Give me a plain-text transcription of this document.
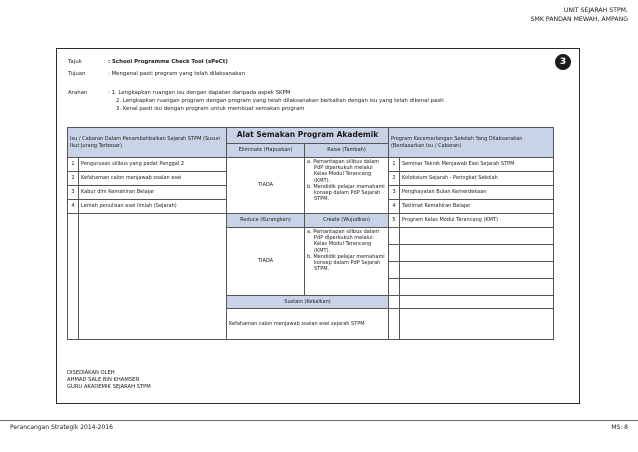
UNIT SEJARAH STPM,
SMK PANDAN MEWAH, AMPANG
3
Tajuk	: School Programme Check Tool (sPeCt)
Tujuan	: Mengenal pasti program yang telah dilaksanakan
Arahan	: 1. Lengkapkan ruangan isu dengan dapatan daripada aspek SKPM
2. Lengkapkan ruangan program dengan program yang telah dilaksanakan berkaitan dengan isu yang telah dikenal pasti
3. Kenal pasti isu dengan program untuk membuat semakan program
Isu / Cabaran Dalam Penambahbaikan Sejarah STPM (Susun Ikut Jurang Terbesar)		Alat Semakan Program Akademik		Program Kecemerlangan Sekolah Yang Dilaksanakan (Berdasarkan Isu / Cabaran)	
		Eliminate (Hapuskan)	Raise (Tambah)		
1	Pengurusan silibus yang padat Penggal 2	TIADA	a. Pemantapan silibus dalam PdP diperkukuh melalui Kelas Modul Terancang (KMT).
b. Mendidik pelajar memahami konsep dalam PdP Sejarah STPM.	1	Seminar Teknik Menjawab Esei Sejarah STPM
2	Kefahaman calon menjawab soalan esei			2	Koloksium Sejarah - Peringkat Sekolah
3	Kabur dlm Kemahiran Belajar			3	Penghayatan Bulan Kemerdekaan
4	Lemah penulisan esei ilmiah (Sejarah)			4	Taklimat Kemahiran Belajar
		Reduce (Kurangkan)	Create (Wujudkan)	5	Program Kelas Modul Terancang (KMT)
		TIADA	a. Pemantapan silibus dalam PdP diperkukuh melalui Kelas Modul Terancang (KMT).
b. Mendidik pelajar memahami konsep dalam PdP Sejarah STPM.		

		Sustain (Kekalkan)			
		Kefahaman calon menjawab soalan esei sejarah STPM			
DISEDIAKAN OLEH
AHMAD SALE BIN KHAMSEN
GURU AKADEMIK SEJARAH STPM
Perancangan Strategik 2014-2016	MS: 8
